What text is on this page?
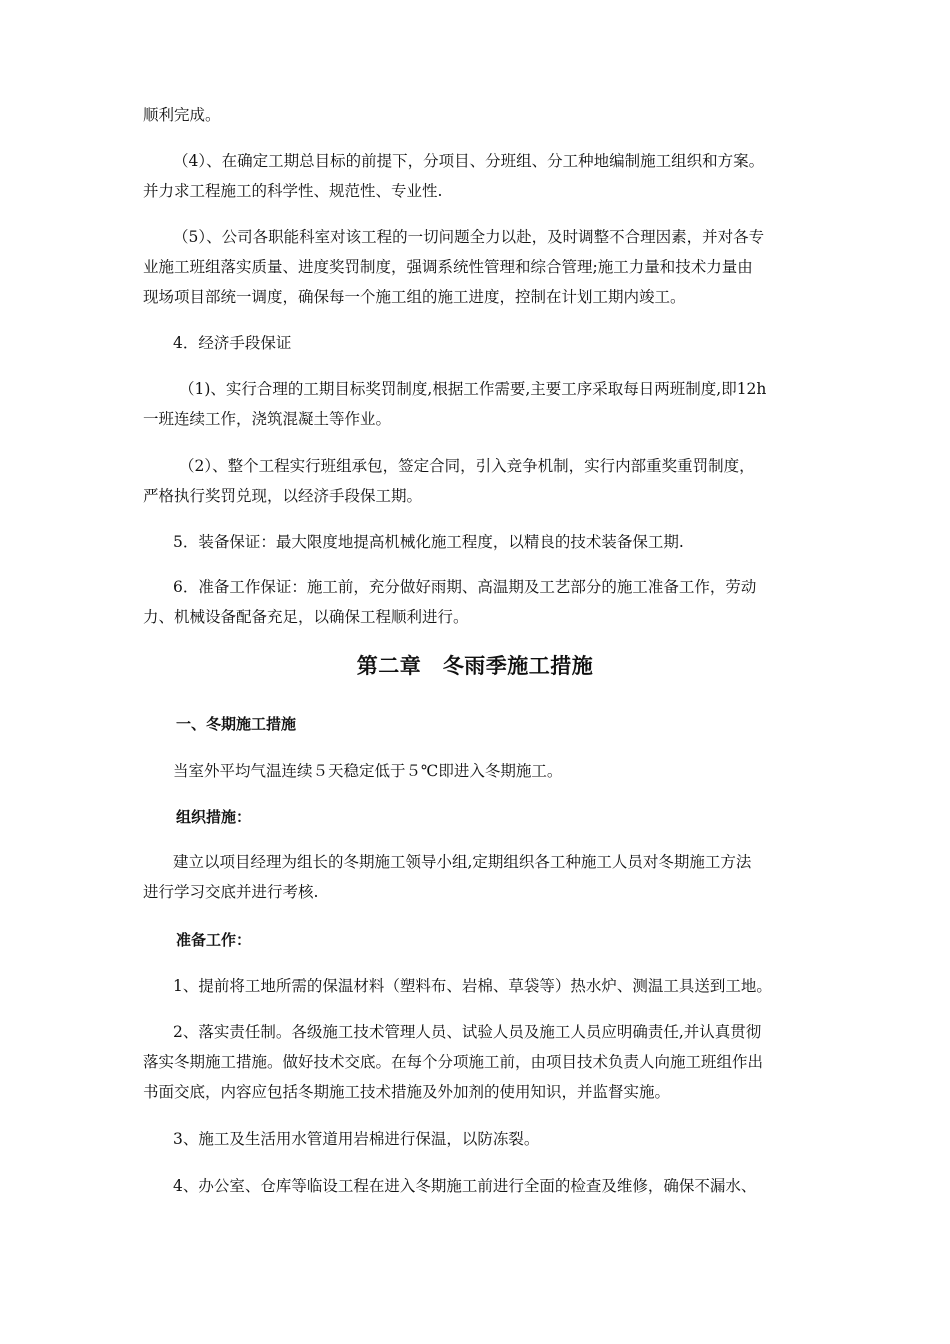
顺利完成。

（4）、在确定工期总目标的前提下，分项目、分班组、分工种地编制施工组织和方案。
并力求工程施工的科学性、规范性、专业性.

（5）、公司各职能科室对该工程的一切问题全力以赴，及时调整不合理因素，并对各专
业施工班组落实质量、进度奖罚制度，强调系统性管理和综合管理;施工力量和技术力量由
现场项目部统一调度，确保每一个施工组的施工进度，控制在计划工期内竣工。

4．经济手段保证

（1)、实行合理的工期目标奖罚制度,根据工作需要,主要工序采取每日两班制度,即12h
一班连续工作，浇筑混凝土等作业。

（2）、整个工程实行班组承包，签定合同，引入竞争机制，实行内部重奖重罚制度，
严格执行奖罚兑现，以经济手段保工期。

5．装备保证：最大限度地提高机械化施工程度，以精良的技术装备保工期.

6．准备工作保证：施工前，充分做好雨期、高温期及工艺部分的施工准备工作，劳动
力、机械设备配备充足，以确保工程顺利进行。

第二章　冬雨季施工措施
一、冬期施工措施

当室外平均气温连续５天稳定低于５℃即进入冬期施工。

组织措施：

建立以项目经理为组长的冬期施工领导小组,定期组织各工种施工人员对冬期施工方法
进行学习交底并进行考核.

准备工作：

1、提前将工地所需的保温材料（塑料布、岩棉、草袋等）热水炉、测温工具送到工地。

2、落实责任制。各级施工技术管理人员、试验人员及施工人员应明确责任,并认真贯彻
落实冬期施工措施。做好技术交底。在每个分项施工前，由项目技术负责人向施工班组作出
书面交底，内容应包括冬期施工技术措施及外加剂的使用知识，并监督实施。

3、施工及生活用水管道用岩棉进行保温，以防冻裂。

4、办公室、仓库等临设工程在进入冬期施工前进行全面的检查及维修，确保不漏水、
